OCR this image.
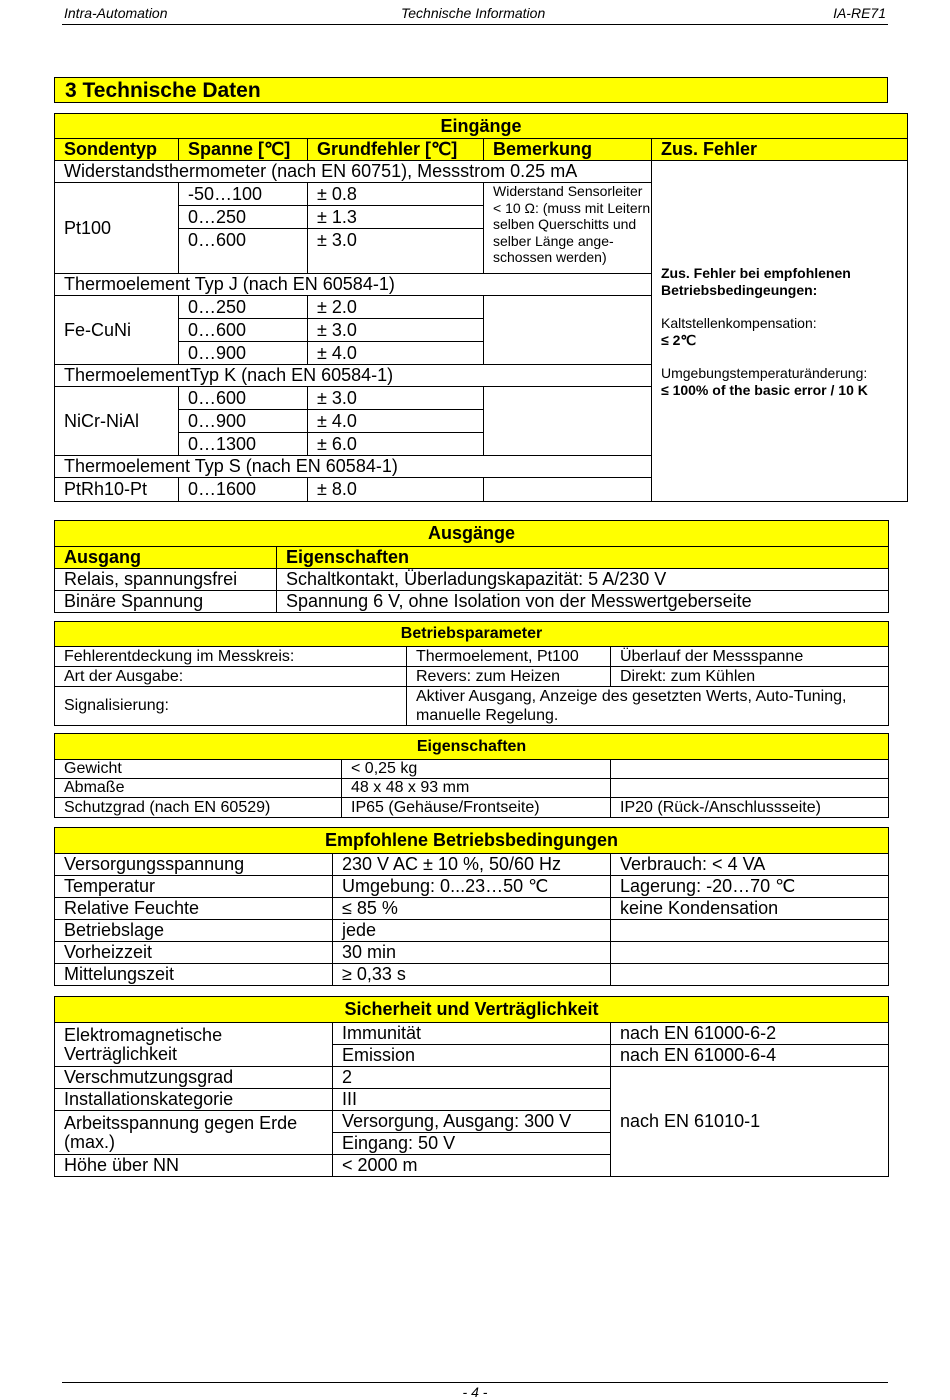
Intra-Automation	Technische Information	IA-RE71
3 Technische Daten
Eingänge				
Sondentyp	Spanne [℃]	Grundfehler [℃]	Bemerkung	Zus. Fehler
Widerstandsthermometer (nach EN 60751), Messstrom 0.25 mA				Zus. Fehler bei empfohlenen Betriebsbedingeungen:

Kaltstellenkompensation:

≤ 2℃

Umgebungstemperaturänderung:
≤ 100% of the basic error / 10 K

Pt100	-50…100	± 0.8	Widerstand Sensorleiter < 10 Ω: (muss mit Leitern selben Querschitts und selber Länge ange-schossen werden)	
	0…250	± 1.3		
	0…600	± 3.0		

Thermoelement Typ J (nach EN 60584-1)				
Fe-CuNi	0…250	± 2.0		
	0…600	± 3.0		
	0…900	± 4.0		
ThermoelementTyp K (nach EN 60584-1)				
NiCr-NiAl	0…600	± 3.0		
	0…900	± 4.0		
	0…1300	± 6.0		
Thermoelement Typ S (nach EN 60584-1)				
PtRh10-Pt	0…1600	± 8.0		
Ausgänge	
Ausgang	Eigenschaften
Relais, spannungsfrei	Schaltkontakt, Überladungskapazität: 5 A/230 V
Binäre Spannung	Spannung 6 V, ohne Isolation von der Messwertgeberseite
Betriebsparameter		
Fehlerentdeckung im Messkreis:	Thermoelement, Pt100	Überlauf der Messspanne
Art der Ausgabe:	Revers: zum Heizen	Direkt: zum Kühlen
Signalisierung:	Aktiver Ausgang, Anzeige des gesetzten Werts, Auto-Tuning, manuelle Regelung.	
Eigenschaften		
Gewicht	< 0,25 kg	
Abmaße	48 x 48 x 93 mm	
Schutzgrad (nach EN 60529)	IP65 (Gehäuse/Frontseite)	IP20 (Rück-/Anschlussseite)
Empfohlene Betriebsbedingungen		
Versorgungsspannung	230 V AC ± 10 %, 50/60 Hz	Verbrauch: < 4 VA
Temperatur	Umgebung: 0...23…50 ℃	Lagerung: -20…70 ℃
Relative Feuchte	≤ 85 %	keine Kondensation
Betriebslage	jede	
Vorheizzeit	30 min	
Mittelungszeit	≥ 0,33 s	
Sicherheit und Verträglichkeit		
Elektromagnetische Verträglichkeit	Immunität	nach EN 61000-6-2
	Emission	nach EN 61000-6-4
Verschmutzungsgrad	2	nach EN 61010-1
Installationskategorie	III	
Arbeitsspannung gegen Erde (max.)	Versorgung, Ausgang: 300 V	
	Eingang: 50 V	
Höhe über NN	< 2000 m	
- 4 -
